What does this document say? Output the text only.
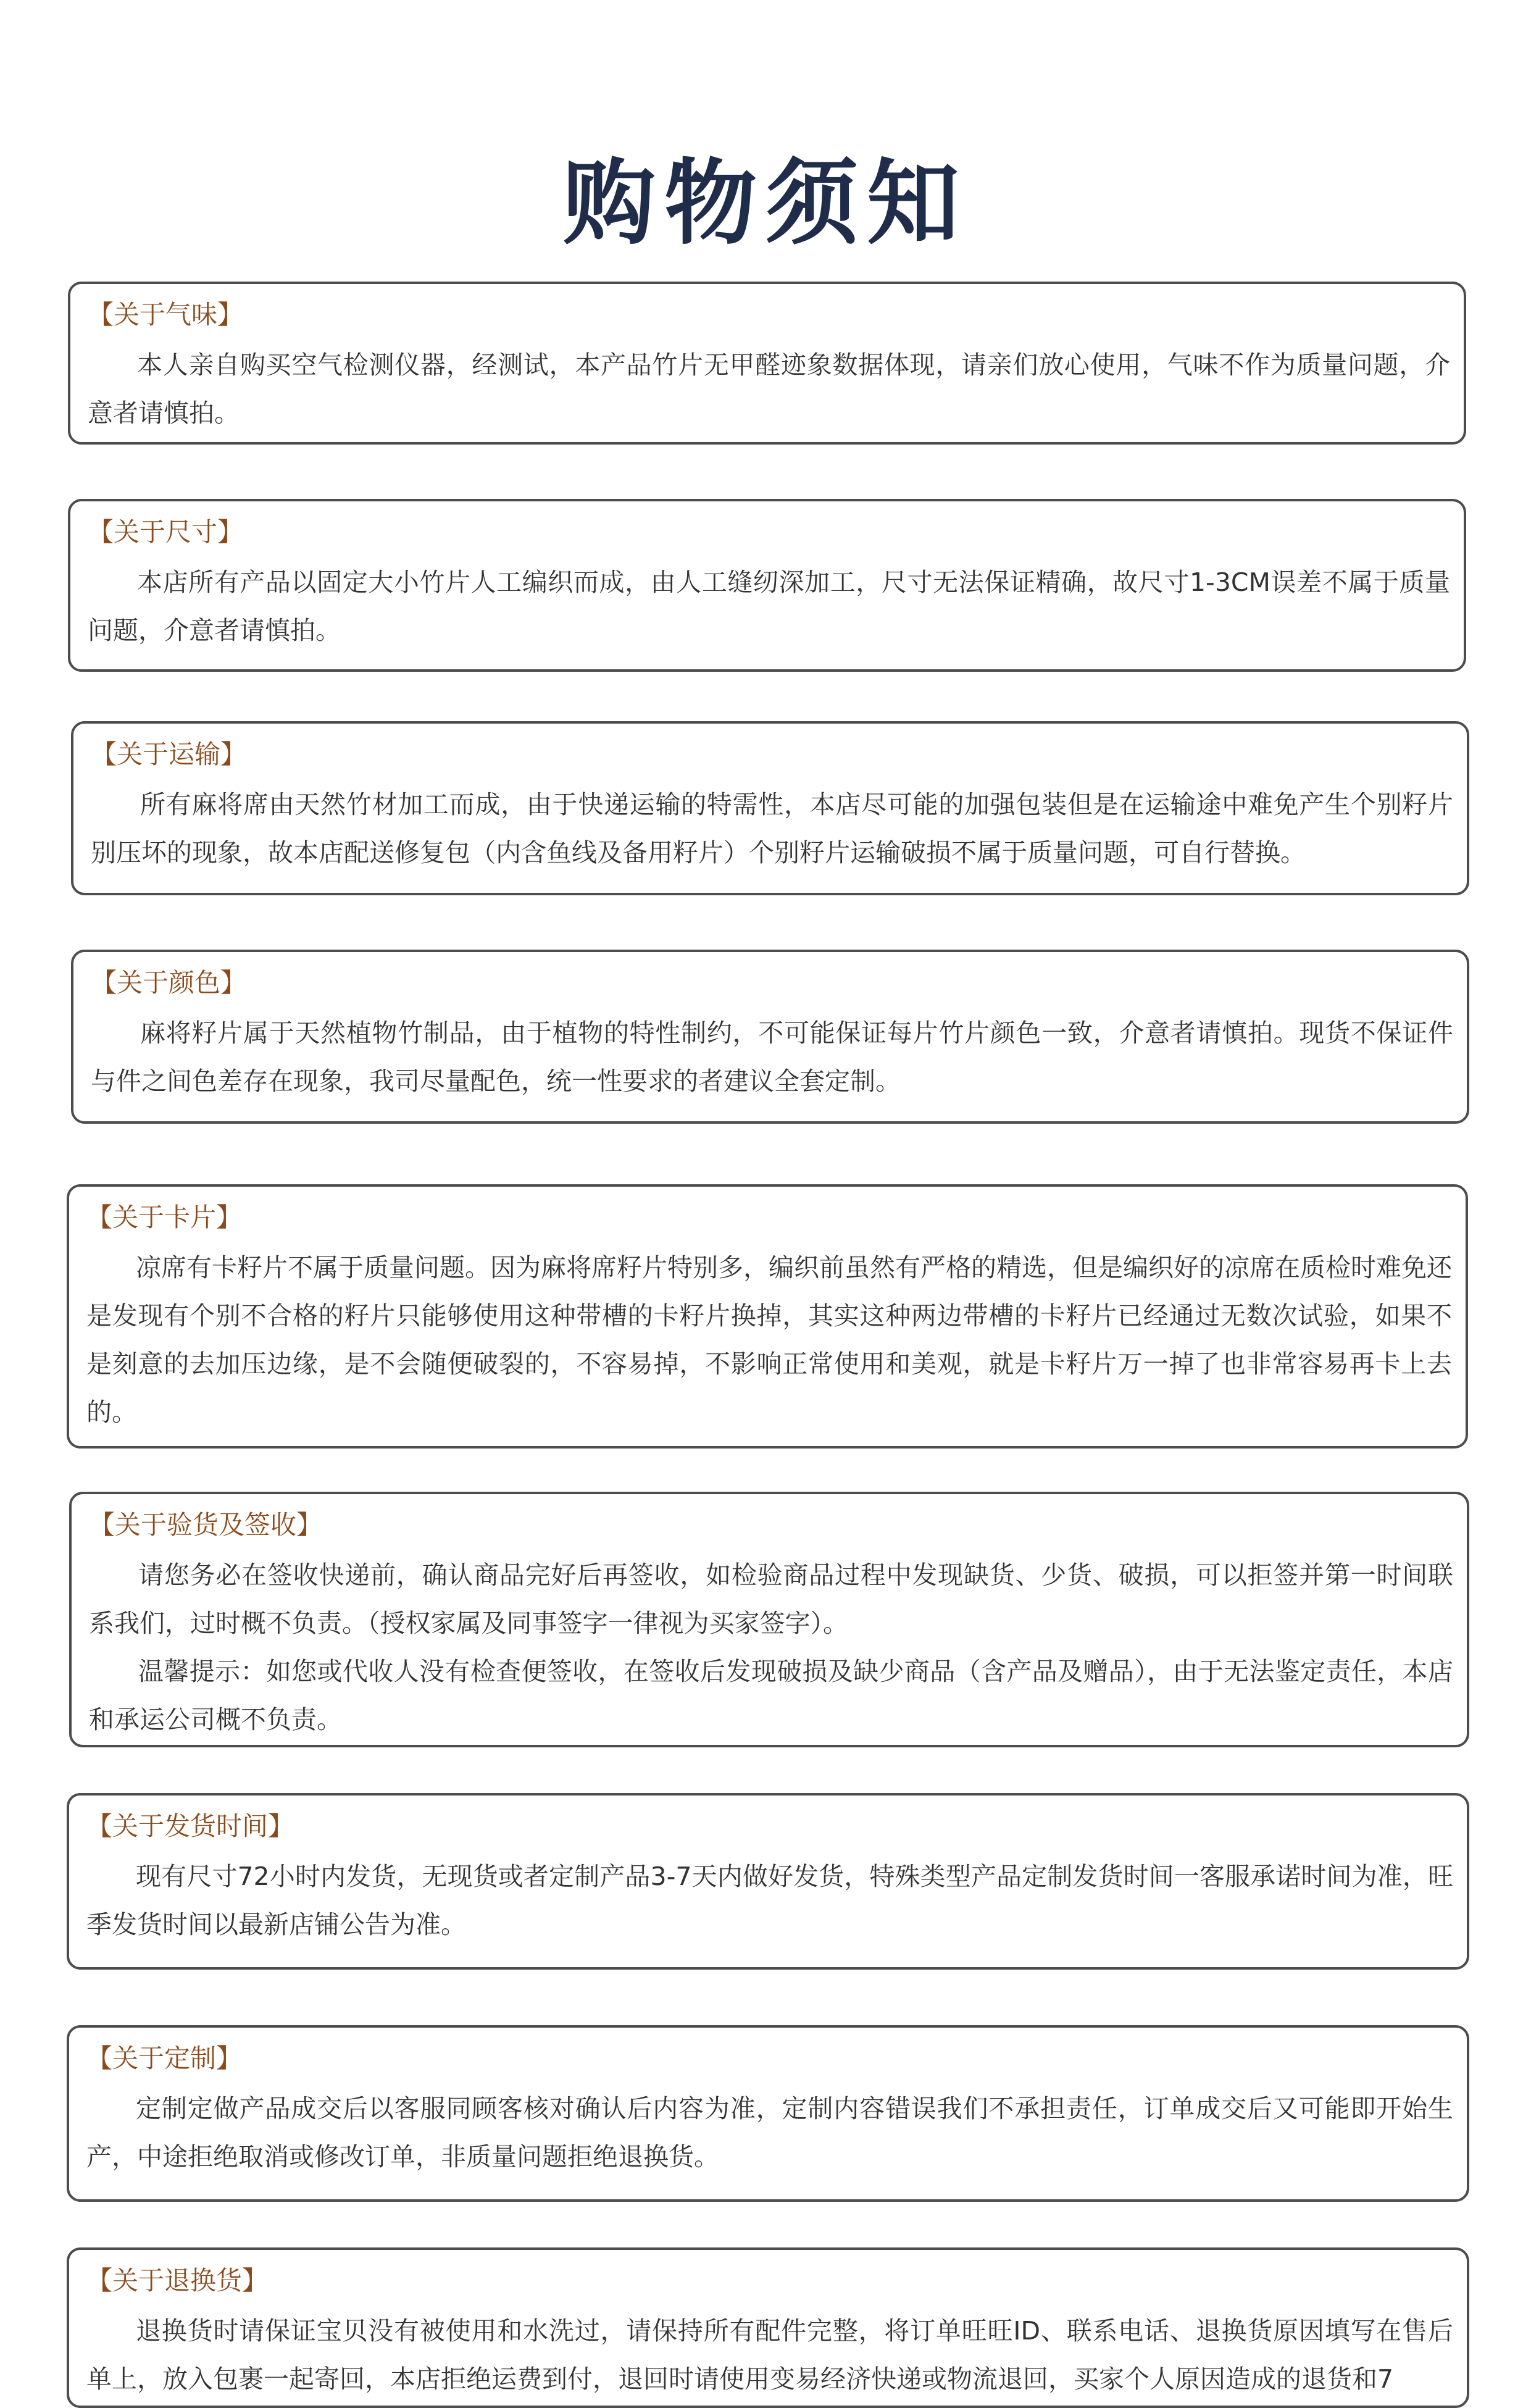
购物须知
【关于气味】

本人亲自购买空气检测仪器，经测试，本产品竹片无甲醛迹象数据体现，请亲们放心使用，气味不作为质量问题，介意者请慎拍。

【关于尺寸】

本店所有产品以固定大小竹片人工编织而成，由人工缝纫深加工，尺寸无法保证精确，故尺寸1-3CM误差不属于质量问题，介意者请慎拍。

【关于运输】

所有麻将席由天然竹材加工而成，由于快递运输的特需性，本店尽可能的加强包装但是在运输途中难免产生个别籽片别压坏的现象，故本店配送修复包（内含鱼线及备用籽片）个别籽片运输破损不属于质量问题，可自行替换。

【关于颜色】

麻将籽片属于天然植物竹制品，由于植物的特性制约，不可能保证每片竹片颜色一致，介意者请慎拍。现货不保证件与件之间色差存在现象，我司尽量配色，统一性要求的者建议全套定制。

【关于卡片】

凉席有卡籽片不属于质量问题。因为麻将席籽片特别多，编织前虽然有严格的精选，但是编织好的凉席在质检时难免还是发现有个别不合格的籽片只能够使用这种带槽的卡籽片换掉，其实这种两边带槽的卡籽片已经通过无数次试验，如果不是刻意的去加压边缘，是不会随便破裂的，不容易掉，不影响正常使用和美观，就是卡籽片万一掉了也非常容易再卡上去的。

【关于验货及签收】

请您务必在签收快递前，确认商品完好后再签收，如检验商品过程中发现缺货、少货、破损，可以拒签并第一时间联系我们，过时概不负责。（授权家属及同事签字一律视为买家签字）。

温馨提示：如您或代收人没有检查便签收，在签收后发现破损及缺少商品（含产品及赠品），由于无法鉴定责任，本店和承运公司概不负责。

【关于发货时间】

现有尺寸72小时内发货，无现货或者定制产品3-7天内做好发货，特殊类型产品定制发货时间一客服承诺时间为准，旺季发货时间以最新店铺公告为准。

【关于定制】

定制定做产品成交后以客服同顾客核对确认后内容为准，定制内容错误我们不承担责任，订单成交后又可能即开始生产，中途拒绝取消或修改订单，非质量问题拒绝退换货。

【关于退换货】

退换货时请保证宝贝没有被使用和水洗过，请保持所有配件完整，将订单旺旺ID、联系电话、退换货原因填写在售后单上，放入包裹一起寄回，本店拒绝运费到付，退回时请使用变易经济快递或物流退回，买家个人原因造成的退货和7
